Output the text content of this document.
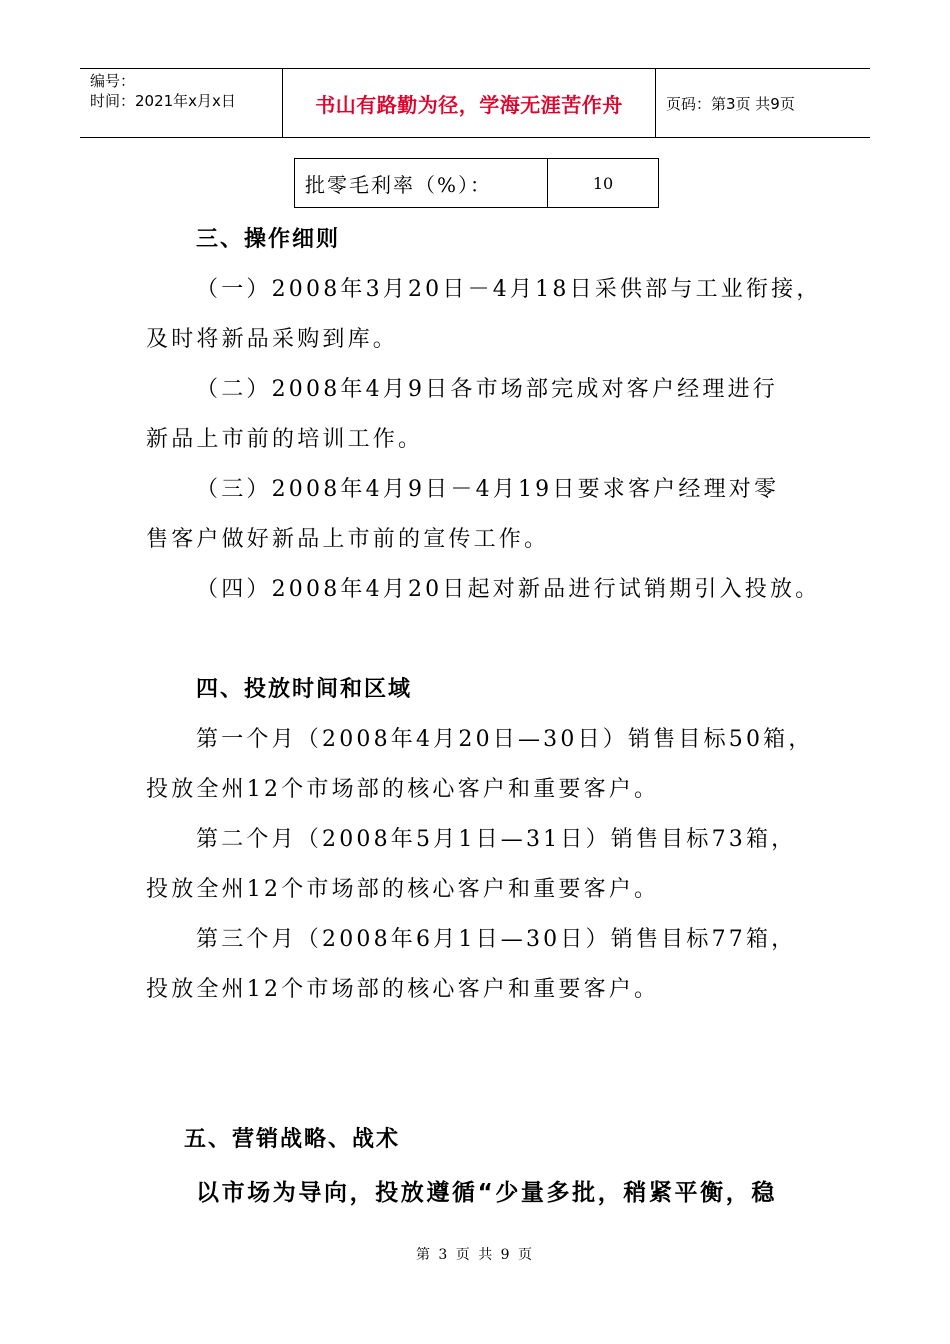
编号：
时间：2021年x月x日	书山有路勤为径，学海无涯苦作舟	页码：第3页 共9页
批零毛利率（%）：	10
三、操作细则
（一）2008年3月20日－4月18日采供部与工业衔接，
及时将新品采购到库。
（二）2008年4月9日各市场部完成对客户经理进行
新品上市前的培训工作。
（三）2008年4月9日－4月19日要求客户经理对零
售客户做好新品上市前的宣传工作。
（四）2008年4月20日起对新品进行试销期引入投放。
四、投放时间和区域
第一个月（2008年4月20日—30日）销售目标50箱，
投放全州12个市场部的核心客户和重要客户。
第二个月（2008年5月1日—31日）销售目标73箱，
投放全州12个市场部的核心客户和重要客户。
第三个月（2008年6月1日—30日）销售目标77箱，
投放全州12个市场部的核心客户和重要客户。
五、营销战略、战术
以市场为导向，投放遵循“少量多批，稍紧平衡，稳
第 3 页 共 9 页
